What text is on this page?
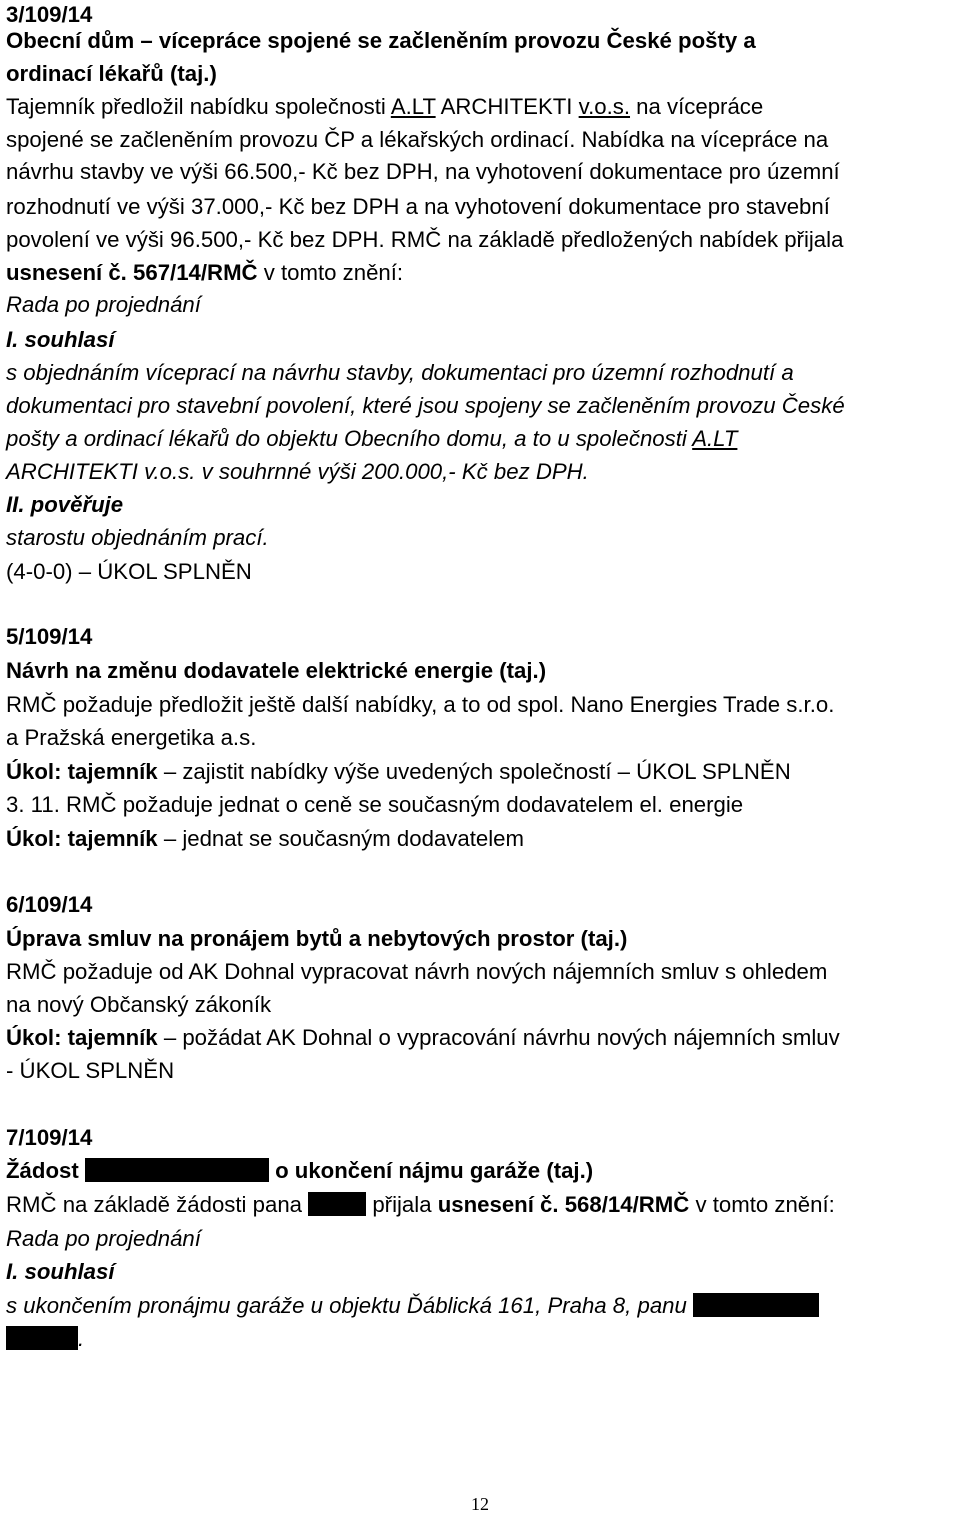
3/109/14
Obecní dům – vícepráce spojené se začleněním provozu České pošty a
ordinací lékařů (taj.)
Tajemník předložil nabídku společnosti A.LT ARCHITEKTI v.o.s. na vícepráce
spojené se začleněním provozu ČP a lékařských ordinací. Nabídka na vícepráce na
návrhu stavby ve výši 66.500,- Kč bez DPH, na vyhotovení dokumentace pro územní
rozhodnutí ve výši 37.000,- Kč bez DPH a na vyhotovení dokumentace pro stavební
povolení ve výši 96.500,- Kč bez DPH. RMČ na základě předložených nabídek přijala
usnesení č. 567/14/RMČ v tomto znění:
Rada po projednání
I. souhlasí
s objednáním víceprací na návrhu stavby, dokumentaci pro územní rozhodnutí a
dokumentaci pro stavební povolení, které jsou spojeny se začleněním provozu České
pošty a ordinací lékařů do objektu Obecního domu, a to u společnosti A.LT
ARCHITEKTI v.o.s. v souhrnné výši 200.000,- Kč bez DPH.
II. pověřuje
starostu objednáním prací.
(4-0-0) – ÚKOL SPLNĚN
5/109/14
Návrh na změnu dodavatele elektrické energie (taj.)
RMČ požaduje předložit ještě další nabídky, a to od spol. Nano Energies Trade s.r.o.
a Pražská energetika a.s.
Úkol: tajemník – zajistit nabídky výše uvedených společností – ÚKOL SPLNĚN
3. 11. RMČ požaduje jednat o ceně se současným dodavatelem el. energie
Úkol: tajemník – jednat se současným dodavatelem
6/109/14
Úprava smluv na pronájem bytů a nebytových prostor (taj.)
RMČ požaduje od AK Dohnal vypracovat návrh nových nájemních smluv s ohledem
na nový Občanský zákoník
Úkol: tajemník – požádat AK Dohnal o vypracování návrhu nových nájemních smluv
- ÚKOL SPLNĚN
7/109/14
Žádost	o ukončení nájmu garáže (taj.)
RMČ na základě žádosti pana	přijala usnesení č. 568/14/RMČ v tomto znění:
Rada po projednání
I. souhlasí
s ukončením pronájmu garáže u objektu Ďáblická 161, Praha 8, panu
.
12
